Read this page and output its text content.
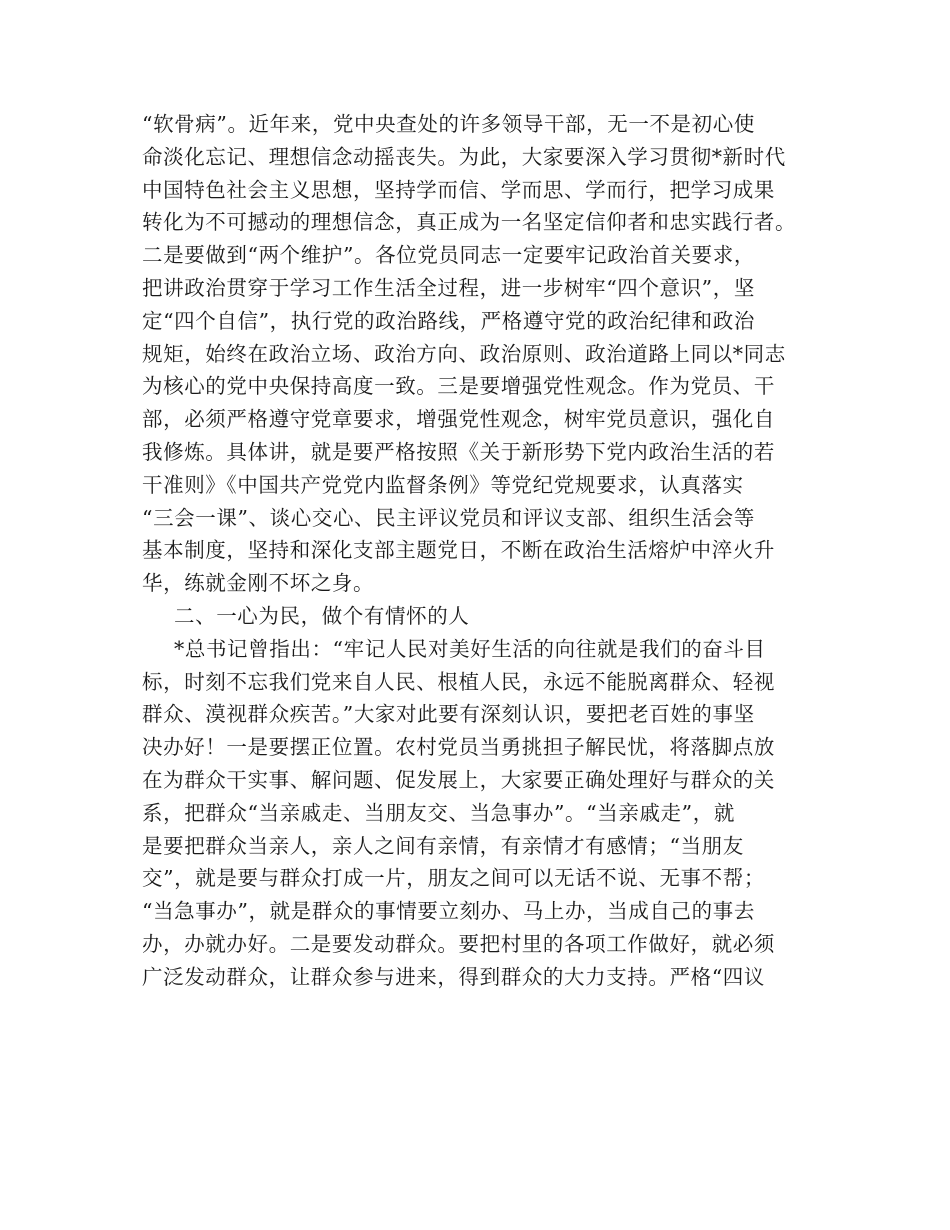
“软骨病”。近年来，党中央查处的许多领导干部，无一不是初心使
命淡化忘记、理想信念动摇丧失。为此，大家要深入学习贯彻*新时代
中国特色社会主义思想，坚持学而信、学而思、学而行，把学习成果
转化为不可撼动的理想信念，真正成为一名坚定信仰者和忠实践行者。
二是要做到“两个维护”。各位党员同志一定要牢记政治首关要求，
把讲政治贯穿于学习工作生活全过程，进一步树牢“四个意识”，坚
定“四个自信”，执行党的政治路线，严格遵守党的政治纪律和政治
规矩，始终在政治立场、政治方向、政治原则、政治道路上同以*同志
为核心的党中央保持高度一致。三是要增强党性观念。作为党员、干
部，必须严格遵守党章要求，增强党性观念，树牢党员意识，强化自
我修炼。具体讲，就是要严格按照《关于新形势下党内政治生活的若
干准则》《中国共产党党内监督条例》等党纪党规要求，认真落实
“三会一课”、谈心交心、民主评议党员和评议支部、组织生活会等
基本制度，坚持和深化支部主题党日，不断在政治生活熔炉中淬火升
华，练就金刚不坏之身。
二、一心为民，做个有情怀的人
*总书记曾指出：“牢记人民对美好生活的向往就是我们的奋斗目
标，时刻不忘我们党来自人民、根植人民，永远不能脱离群众、轻视
群众、漠视群众疾苦。”大家对此要有深刻认识，要把老百姓的事坚
决办好！一是要摆正位置。农村党员当勇挑担子解民忧，将落脚点放
在为群众干实事、解问题、促发展上，大家要正确处理好与群众的关
系，把群众“当亲戚走、当朋友交、当急事办”。“当亲戚走”，就
是要把群众当亲人，亲人之间有亲情，有亲情才有感情；“当朋友
交”，就是要与群众打成一片，朋友之间可以无话不说、无事不帮；
“当急事办”，就是群众的事情要立刻办、马上办，当成自己的事去
办，办就办好。二是要发动群众。要把村里的各项工作做好，就必须
广泛发动群众，让群众参与进来，得到群众的大力支持。严格“四议
